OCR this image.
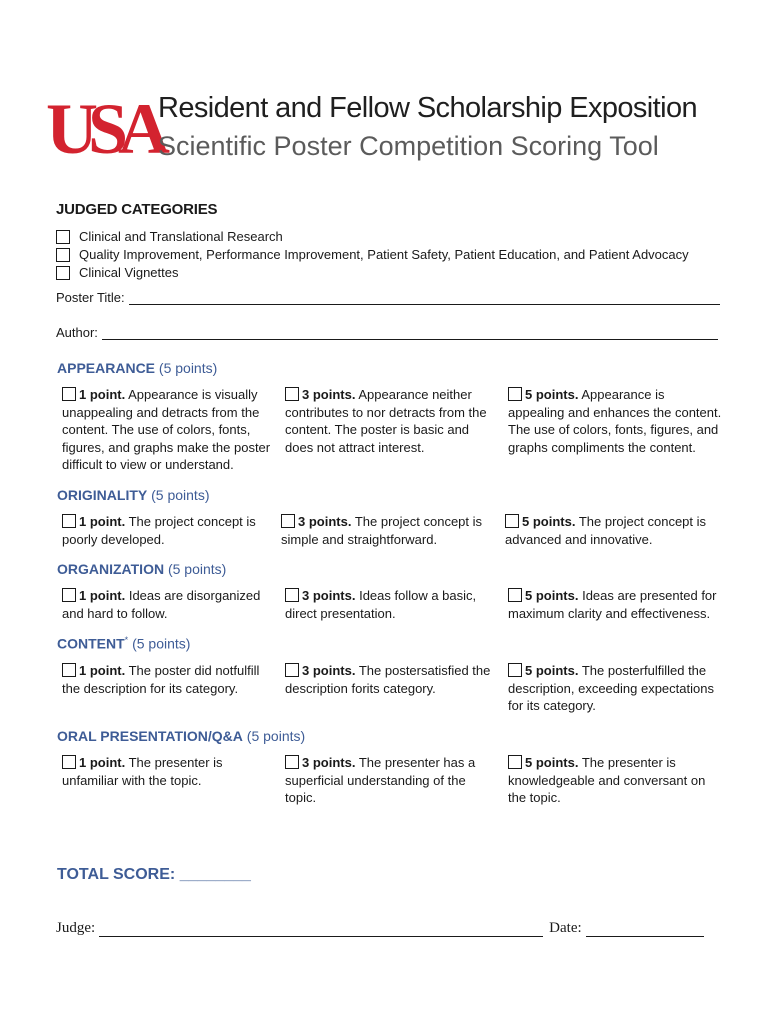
USA
Resident and Fellow Scholarship Exposition
Scientific Poster Competition Scoring Tool
JUDGED CATEGORIES
Clinical and Translational Research
Quality Improvement, Performance Improvement, Patient Safety, Patient Education, and Patient Advocacy
Clinical Vignettes
Poster Title:
Author:
APPEARANCE (5 points)
1 point. Appearance is visually unappealing and detracts from the content. The use of colors, fonts, figures, and graphs make the poster difficult to view or understand.
3 points. Appearance neither contributes to nor detracts from the content. The poster is basic and does not attract interest.
5 points. Appearance is appealing and enhances the content. The use of colors, fonts, figures, and graphs compliments the content.
ORIGINALITY (5 points)
1 point. The project concept is poorly developed.
3 points. The project concept is simple and straightforward.
5 points. The project concept is advanced and innovative.
ORGANIZATION (5 points)
1 point. Ideas are disorganized and hard to follow.
3 points. Ideas follow a basic, direct presentation.
5 points. Ideas are presented for maximum clarity and effectiveness.
CONTENT* (5 points)
1 point. The poster did notfulfill the description for its category.
3 points. The postersatisfied the description forits category.
5 points. The posterfulfilled the description, exceeding expectations for its category.
ORAL PRESENTATION/Q&A (5 points)
1 point. The presenter is unfamiliar with the topic.
3 points. The presenter has a superficial understanding of the topic.
5 points. The presenter is knowledgeable and conversant on the topic.
TOTAL SCORE: ________
Judge:	Date:
